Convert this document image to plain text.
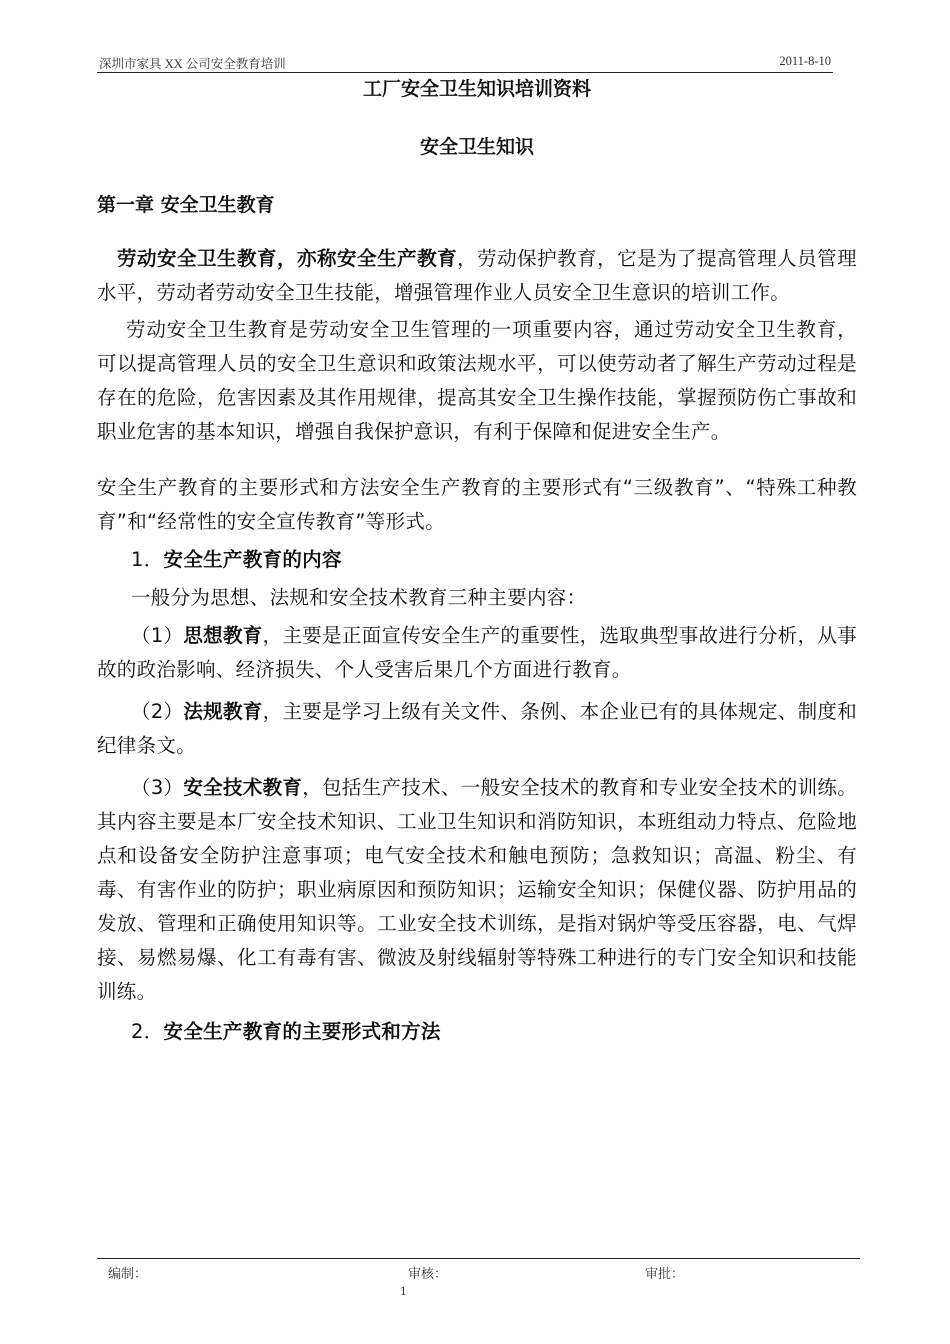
深圳市家具 XX 公司安全教育培训	2011-8-10
工厂安全卫生知识培训资料
安全卫生知识
第一章 安全卫生教育
劳动安全卫生教育，亦称安全生产教育，劳动保护教育，它是为了提高管理人员管理水平，劳动者劳动安全卫生技能，增强管理作业人员安全卫生意识的培训工作。
劳动安全卫生教育是劳动安全卫生管理的一项重要内容，通过劳动安全卫生教育，可以提高管理人员的安全卫生意识和政策法规水平，可以使劳动者了解生产劳动过程是存在的危险，危害因素及其作用规律，提高其安全卫生操作技能，掌握预防伤亡事故和职业危害的基本知识，增强自我保护意识，有利于保障和促进安全生产。
安全生产教育的主要形式和方法安全生产教育的主要形式有“三级教育”、“特殊工种教育”和“经常性的安全宣传教育”等形式。
1．安全生产教育的内容
一般分为思想、法规和安全技术教育三种主要内容：
（1）思想教育，主要是正面宣传安全生产的重要性，选取典型事故进行分析，从事故的政治影响、经济损失、个人受害后果几个方面进行教育。
（2）法规教育，主要是学习上级有关文件、条例、本企业已有的具体规定、制度和纪律条文。
（3）安全技术教育，包括生产技术、一般安全技术的教育和专业安全技术的训练。其内容主要是本厂安全技术知识、工业卫生知识和消防知识，本班组动力特点、危险地点和设备安全防护注意事项；电气安全技术和触电预防；急救知识；高温、粉尘、有毒、有害作业的防护；职业病原因和预防知识；运输安全知识；保健仪器、防护用品的发放、管理和正确使用知识等。工业安全技术训练，是指对锅炉等受压容器，电、气焊接、易燃易爆、化工有毒有害、微波及射线辐射等特殊工种进行的专门安全知识和技能训练。
2．安全生产教育的主要形式和方法
编制：	审核：	审批：
1
